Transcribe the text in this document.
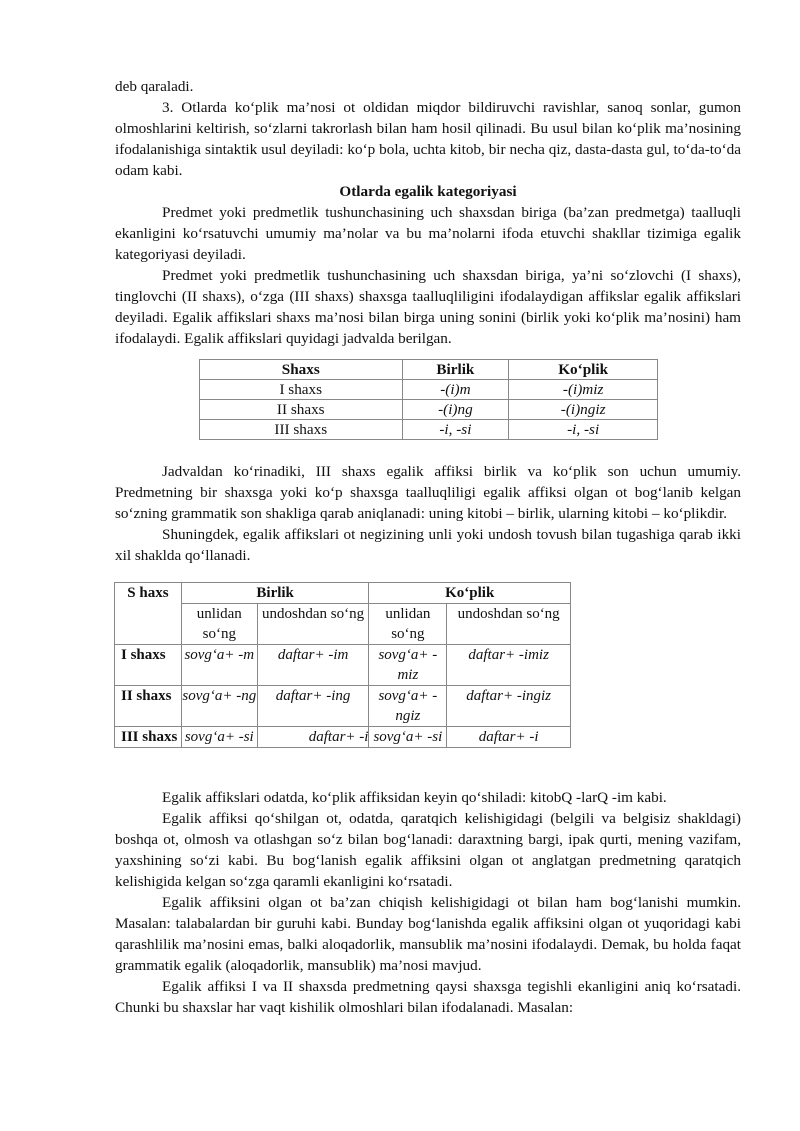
deb qaraladi.

3. Otlarda ko‘plik ma’nosi ot oldidan miqdor bildiruvchi ravishlar, sanoq sonlar, gumon olmoshlarini keltirish, so‘zlarni takrorlash bilan ham hosil qilinadi. Bu usul bilan ko‘plik ma’nosining ifodalanishiga sintaktik usul deyiladi: ko‘p bola, uchta kitob, bir necha qiz, dasta-dasta gul, to‘da-to‘da odam kabi.

Otlarda egalik kategoriyasi

Predmet yoki predmetlik tushunchasining uch shaxsdan biriga (ba’zan predmetga) taalluqli ekanligini ko‘rsatuvchi umumiy ma’nolar va bu ma’nolarni ifoda etuvchi shakllar tizimiga egalik kategoriyasi deyiladi.

Predmet yoki predmetlik tushunchasining uch shaxsdan biriga, ya’ni so‘zlovchi (I shaxs), tinglovchi (II shaxs), o‘zga (III shaxs) shaxsga taalluqliligini ifodalaydigan affikslar egalik affikslari deyiladi. Egalik affikslari shaxs ma’nosi bilan birga uning sonini (birlik yoki ko‘plik ma’nosini) ham ifodalaydi. Egalik affikslari quyidagi jadvalda berilgan.

Shaxs	Birlik	Ko‘plik
I shaxs	-(i)m	-(i)miz
II shaxs	-(i)ng	-(i)ngiz
III shaxs	-i, -si	-i, -si

Jadvaldan ko‘rinadiki, III shaxs egalik affiksi birlik va ko‘plik son uchun umumiy. Predmetning bir shaxsga yoki ko‘p shaxsga taalluqliligi egalik affiksi olgan ot bog‘lanib kelgan so‘zning grammatik son shakliga qarab aniqlanadi: uning kitobi – birlik, ularning kitobi – ko‘plikdir.

Shuningdek, egalik affikslari ot negizining unli yoki undosh tovush bilan tugashiga qarab ikki xil shaklda qo‘llanadi.

S haxs	Birlik		Ko‘plik	
	unlidan so‘ng	undoshdan so‘ng	unlidan so‘ng	undoshdan so‘ng
I shaxs	sovg‘a+ -m	daftar+ -im	sovg‘a+ -miz	daftar+ -imiz
II shaxs	sovg‘a+ -ng	daftar+ -ing	sovg‘a+ -ngiz	daftar+ -ingiz
III shaxs	sovg‘a+ -si	daftar+ -i	sovg‘a+ -si	daftar+ -i

Egalik affikslari odatda, ko‘plik affiksidan keyin qo‘shiladi: kitobQ -larQ -im kabi.

Egalik affiksi qo‘shilgan ot, odatda, qaratqich kelishigidagi (belgili va belgisiz shakldagi) boshqa ot, olmosh va otlashgan so‘z bilan bog‘lanadi: daraxtning bargi, ipak qurti, mening vazifam, yaxshining so‘zi kabi. Bu bog‘lanish egalik affiksini olgan ot anglatgan predmetning qaratqich kelishigida kelgan so‘zga qaramli ekanligini ko‘rsatadi.

Egalik affiksini olgan ot ba’zan chiqish kelishigidagi ot bilan ham bog‘lanishi mumkin. Masalan: talabalardan bir guruhi kabi. Bunday bog‘lanishda egalik affiksini olgan ot yuqoridagi kabi qarashlilik ma’nosini emas, balki aloqadorlik, mansublik ma’nosini ifodalaydi. Demak, bu holda faqat grammatik egalik (aloqadorlik, mansublik) ma’nosi mavjud.

Egalik affiksi I va II shaxsda predmetning qaysi shaxsga tegishli ekanligini aniq ko‘rsatadi. Chunki bu shaxslar har vaqt kishilik olmoshlari bilan ifodalanadi. Masalan:
